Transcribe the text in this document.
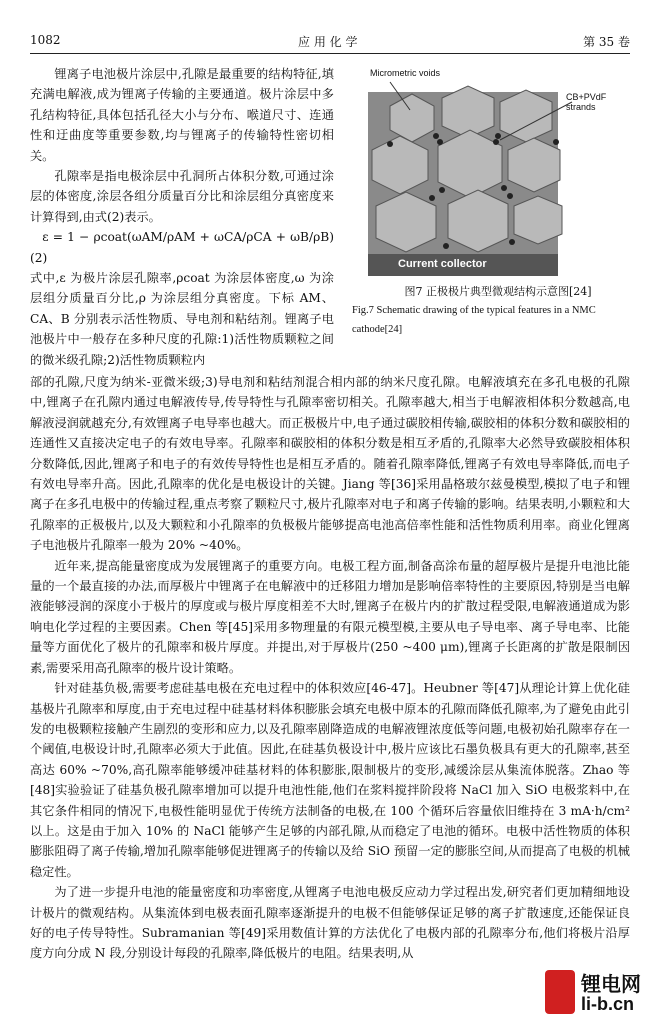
1082	应 用 化 学	第 35 卷

锂离子电池极片涂层中,孔隙是最重要的结构特征,填充满电解液,成为锂离子传输的主要通道。极片涂层中多孔结构特征,具体包括孔径大小与分布、喉道尺寸、连通性和迂曲度等重要参数,均与锂离子的传输特性密切相关。

孔隙率是指电极涂层中孔洞所占体积分数,可通过涂层的体密度,涂层各组分质量百分比和涂层组分真密度来计算得到,由式(2)表示。

ε = 1 − ρcoat(ωAM/ρAM + ωCA/ρCA + ωB/ρB) (2)

式中,ε 为极片涂层孔隙率,ρcoat 为涂层体密度,ω 为涂层组分质量百分比,ρ 为涂层组分真密度。下标 AM、CA、B 分别表示活性物质、导电剂和粘结剂。锂离子电池极片中一般存在多种尺度的孔隙:1)活性物质颗粒之间的微米级孔隙;2)活性物质颗粒内

Micrometric voids
CB+PVdF strands
Current collector
图7 正极极片典型微观结构示意图[24]
Fig.7 Schematic drawing of the typical features in a NMC cathode[24]

部的孔隙,尺度为纳米-亚微米级;3)导电剂和粘结剂混合相内部的纳米尺度孔隙。电解液填充在多孔电极的孔隙中,锂离子在孔隙内通过电解液传导,传导特性与孔隙率密切相关。孔隙率越大,相当于电解液相体积分数越高,电解液浸润就越充分,有效锂离子电导率也越大。而正极极片中,电子通过碳胶相传输,碳胶相的体积分数和碳胶相的连通性又直接决定电子的有效电导率。孔隙率和碳胶相的体积分数是相互矛盾的,孔隙率大必然导致碳胶相体积分数降低,因此,锂离子和电子的有效传导特性也是相互矛盾的。随着孔隙率降低,锂离子有效电导率降低,而电子有效电导率升高。因此,孔隙率的优化是电极设计的关键。Jiang 等[36]采用晶格玻尔兹曼模型,模拟了电子和锂离子在多孔电极中的传输过程,重点考察了颗粒尺寸,极片孔隙率对电子和离子传输的影响。结果表明,小颗粒和大孔隙率的正极极片,以及大颗粒和小孔隙率的负极极片能够提高电池高倍率性能和活性物质利用率。商业化锂离子电池极片孔隙率一般为 20% ~40%。

近年来,提高能量密度成为发展锂离子的重要方向。电极工程方面,制备高涂布量的超厚极片是提升电池比能量的一个最直接的办法,而厚极片中锂离子在电解液中的迁移阻力增加是影响倍率特性的主要原因,特别是当电解液能够浸润的深度小于极片的厚度或与极片厚度相差不大时,锂离子在极片内的扩散过程受限,电解液通道成为影响电化学过程的主要因素。Chen 等[45]采用多物理量的有限元模型模,主要从电子导电率、离子导电率、比能量等方面优化了极片的孔隙率和极片厚度。并提出,对于厚极片(250 ~400 μm),锂离子长距离的扩散是限制因素,需要采用高孔隙率的极片设计策略。

针对硅基负极,需要考虑硅基电极在充电过程中的体积效应[46-47]。Heubner 等[47]从理论计算上优化硅基极片孔隙率和厚度,由于充电过程中硅基材料体积膨胀会填充电极中原本的孔隙而降低孔隙率,为了避免由此引发的电极颗粒接触产生剧烈的变形和应力,以及孔隙率剧降造成的电解液锂浓度低等问题,电极初始孔隙率存在一个阈值,电极设计时,孔隙率必须大于此值。因此,在硅基负极设计中,极片应该比石墨负极具有更大的孔隙率,甚至高达 60% ~70%,高孔隙率能够缓冲硅基材料的体积膨胀,限制极片的变形,减缓涂层从集流体脱落。Zhao 等[48]实验验证了硅基负极孔隙率增加可以提升电池性能,他们在浆料搅拌阶段将 NaCl 加入 SiO 电极浆料中,在其它条件相同的情况下,电极性能明显优于传统方法制备的电极,在 100 个循环后容量依旧维持在 3 mA·h/cm² 以上。这是由于加入 10% 的 NaCl 能够产生足够的内部孔隙,从而稳定了电池的循环。电极中活性物质的体积膨胀阻碍了离子传输,增加孔隙率能够促进锂离子的传输以及给 SiO 预留一定的膨胀空间,从而提高了电极的机械稳定性。

为了进一步提升电池的能量密度和功率密度,从锂离子电池电极反应动力学过程出发,研究者们更加精细地设计极片的微观结构。从集流体到电极表面孔隙率逐渐提升的电极不但能够保证足够的离子扩散速度,还能保证良好的电子传导特性。Subramanian 等[49]采用数值计算的方法优化了电极内部的孔隙率分布,他们将极片沿厚度方向分成 N 段,分别设计每段的孔隙率,降低极片的电阻。结果表明,从

锂电网
li-b.cn
